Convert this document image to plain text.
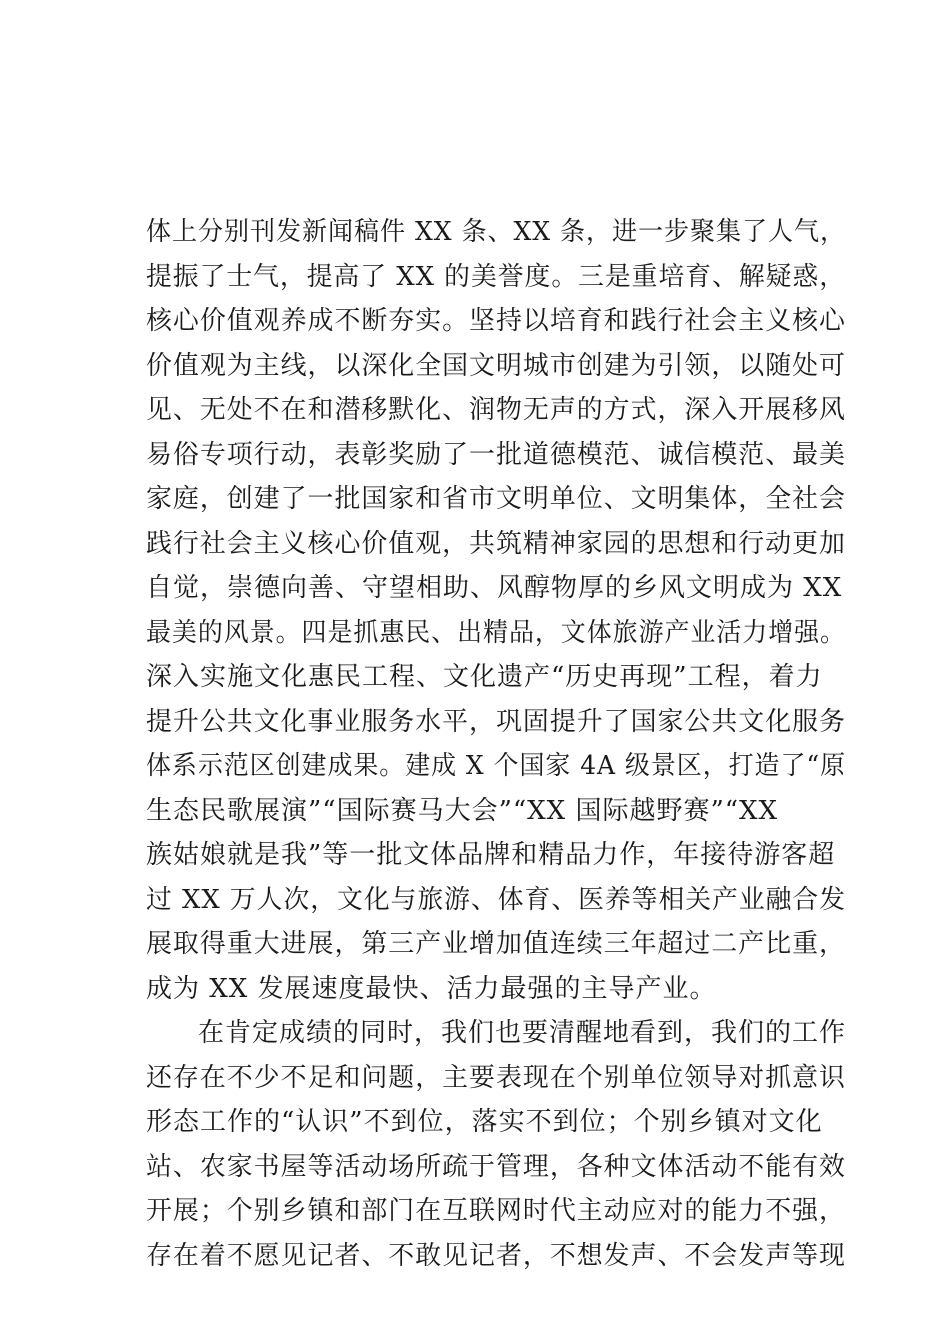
体上分别刊发新闻稿件 XX 条、XX 条，进一步聚集了人气，
提振了士气，提高了 XX 的美誉度。三是重培育、解疑惑，
核心价值观养成不断夯实。坚持以培育和践行社会主义核心
价值观为主线，以深化全国文明城市创建为引领，以随处可
见、无处不在和潜移默化、润物无声的方式，深入开展移风
易俗专项行动，表彰奖励了一批道德模范、诚信模范、最美
家庭，创建了一批国家和省市文明单位、文明集体，全社会
践行社会主义核心价值观，共筑精神家园的思想和行动更加
自觉，崇德向善、守望相助、风醇物厚的乡风文明成为 XX
最美的风景。四是抓惠民、出精品，文体旅游产业活力增强。
深入实施文化惠民工程、文化遗产“历史再现”工程，着力
提升公共文化事业服务水平，巩固提升了国家公共文化服务
体系示范区创建成果。建成 X 个国家 4A 级景区，打造了“原
生态民歌展演”“国际赛马大会”“XX 国际越野赛”“XX
族姑娘就是我”等一批文体品牌和精品力作，年接待游客超
过 XX 万人次，文化与旅游、体育、医养等相关产业融合发
展取得重大进展，第三产业增加值连续三年超过二产比重，
成为 XX 发展速度最快、活力最强的主导产业。
在肯定成绩的同时，我们也要清醒地看到，我们的工作
还存在不少不足和问题，主要表现在个别单位领导对抓意识
形态工作的“认识”不到位，落实不到位；个别乡镇对文化
站、农家书屋等活动场所疏于管理，各种文体活动不能有效
开展；个别乡镇和部门在互联网时代主动应对的能力不强，
存在着不愿见记者、不敢见记者，不想发声、不会发声等现
